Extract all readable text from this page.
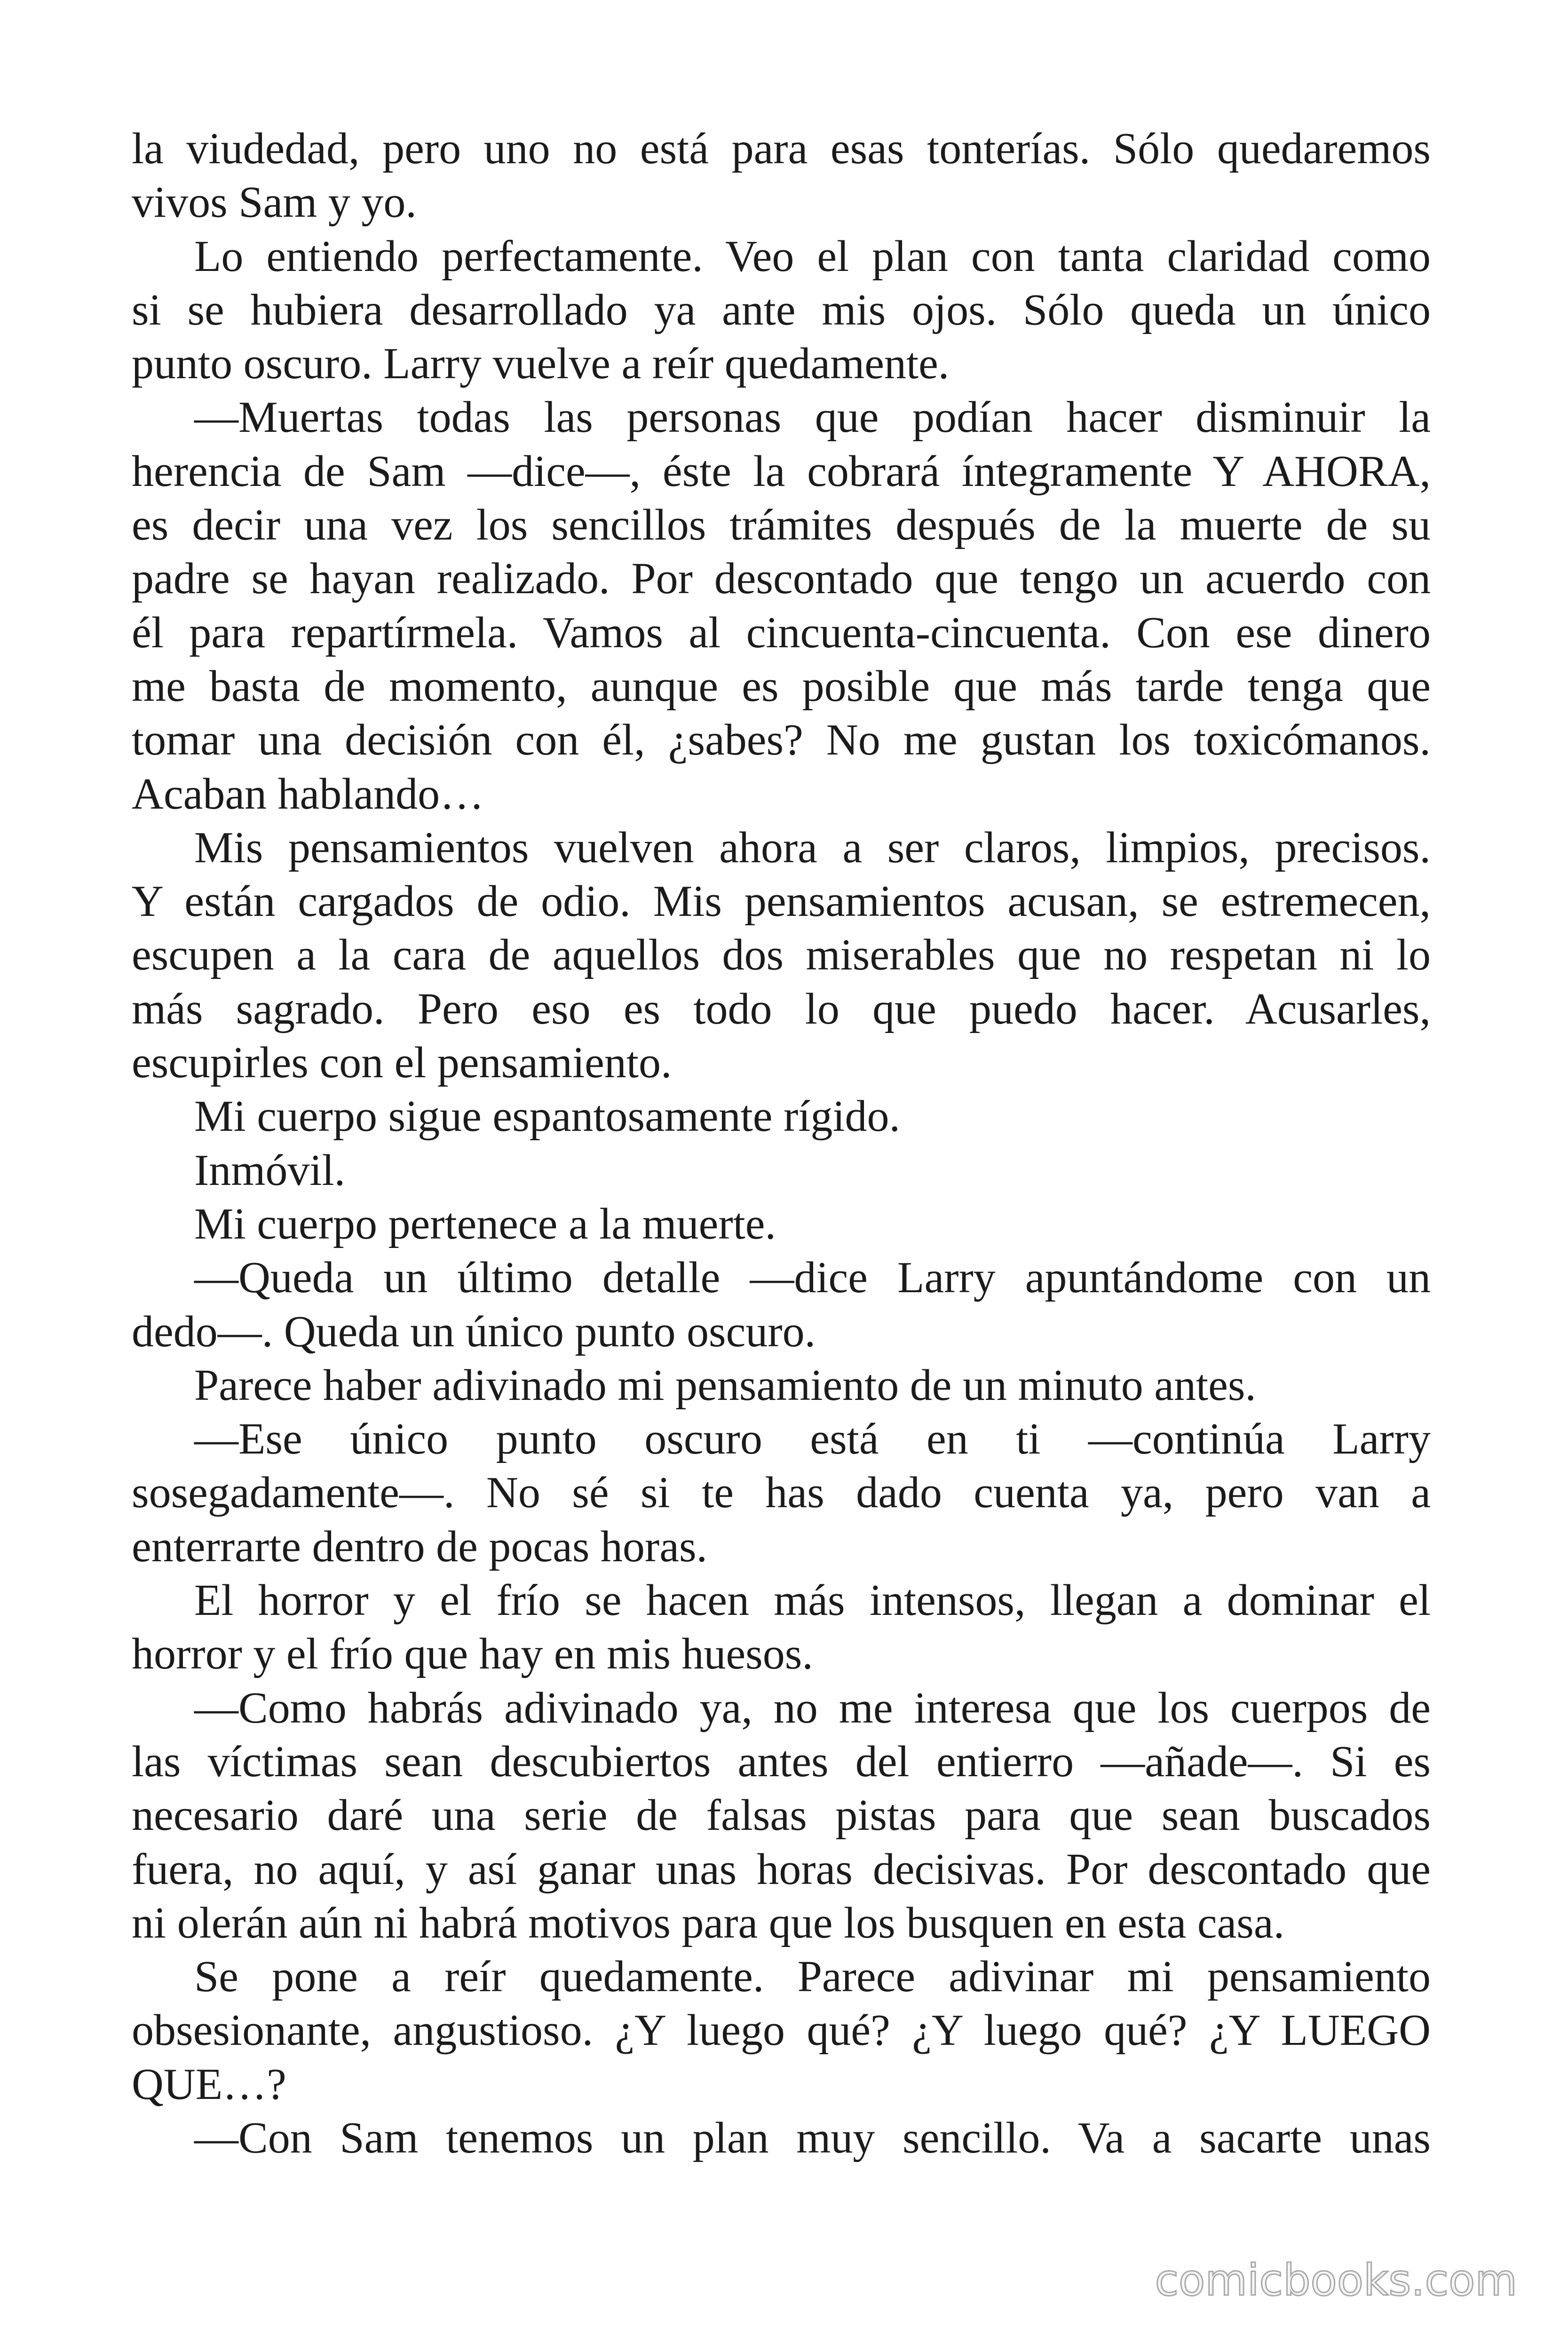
la viudedad, pero uno no está para esas tonterías. Sólo quedaremos
vivos Sam y yo.
Lo entiendo perfectamente. Veo el plan con tanta claridad como
si se hubiera desarrollado ya ante mis ojos. Sólo queda un único
punto oscuro. Larry vuelve a reír quedamente.
—Muertas todas las personas que podían hacer disminuir la
herencia de Sam —dice—, éste la cobrará íntegramente Y AHORA,
es decir una vez los sencillos trámites después de la muerte de su
padre se hayan realizado. Por descontado que tengo un acuerdo con
él para repartírmela. Vamos al cincuenta-cincuenta. Con ese dinero
me basta de momento, aunque es posible que más tarde tenga que
tomar una decisión con él, ¿sabes? No me gustan los toxicómanos.
Acaban hablando…
Mis pensamientos vuelven ahora a ser claros, limpios, precisos.
Y están cargados de odio. Mis pensamientos acusan, se estremecen,
escupen a la cara de aquellos dos miserables que no respetan ni lo
más sagrado. Pero eso es todo lo que puedo hacer. Acusarles,
escupirles con el pensamiento.
Mi cuerpo sigue espantosamente rígido.
Inmóvil.
Mi cuerpo pertenece a la muerte.
—Queda un último detalle —dice Larry apuntándome con un
dedo—. Queda un único punto oscuro.
Parece haber adivinado mi pensamiento de un minuto antes.
—Ese único punto oscuro está en ti —continúa Larry
sosegadamente—. No sé si te has dado cuenta ya, pero van a
enterrarte dentro de pocas horas.
El horror y el frío se hacen más intensos, llegan a dominar el
horror y el frío que hay en mis huesos.
—Como habrás adivinado ya, no me interesa que los cuerpos de
las víctimas sean descubiertos antes del entierro —añade—. Si es
necesario daré una serie de falsas pistas para que sean buscados
fuera, no aquí, y así ganar unas horas decisivas. Por descontado que
ni olerán aún ni habrá motivos para que los busquen en esta casa.
Se pone a reír quedamente. Parece adivinar mi pensamiento
obsesionante, angustioso. ¿Y luego qué? ¿Y luego qué? ¿Y LUEGO
QUE…?
—Con Sam tenemos un plan muy sencillo. Va a sacarte unas
comicbooks.com
